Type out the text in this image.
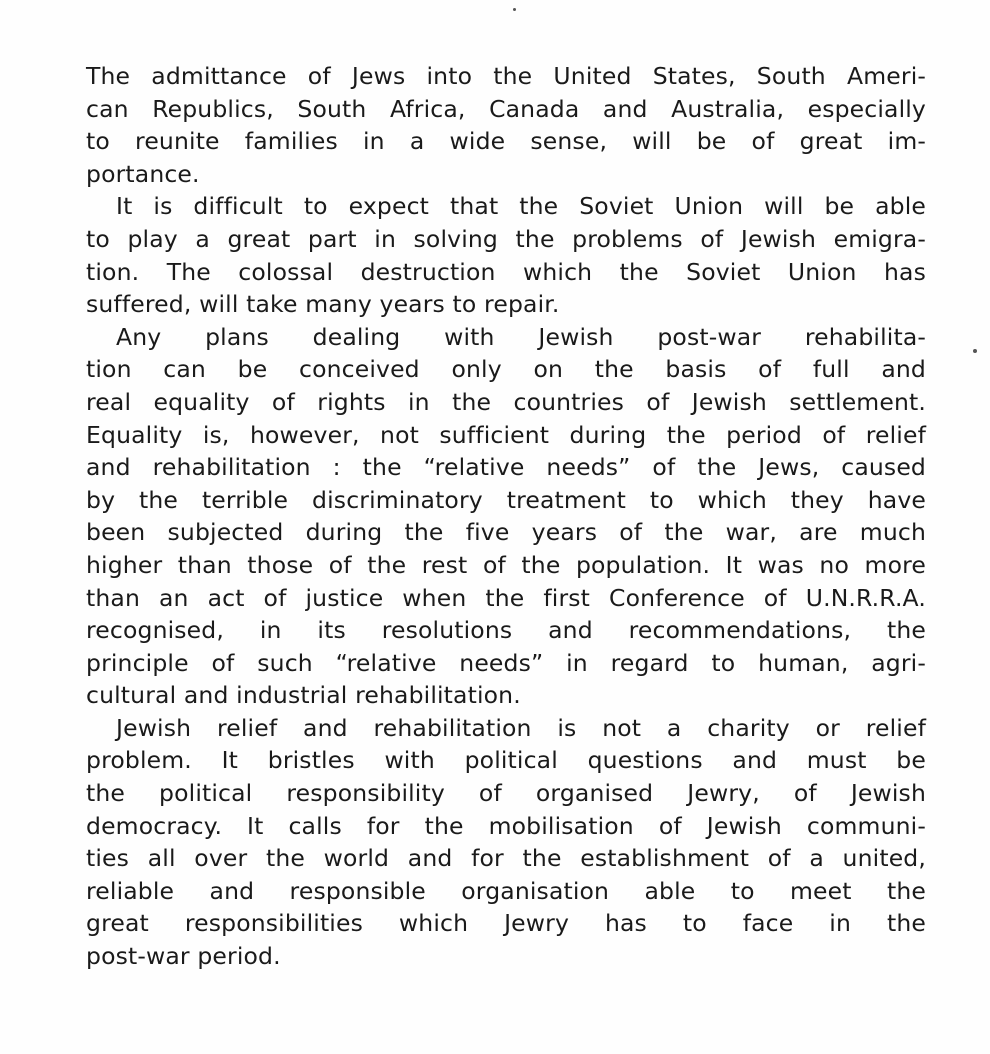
The admittance of Jews into the United States, South Ameri-
can Republics, South Africa, Canada and Australia, especially
to reunite families in a wide sense, will be of great im-
portance.
It is difficult to expect that the Soviet Union will be able
to play a great part in solving the problems of Jewish emigra-
tion. The colossal destruction which the Soviet Union has
suffered, will take many years to repair.
Any plans dealing with Jewish post-war rehabilita-
tion can be conceived only on the basis of full and
real equality of rights in the countries of Jewish settlement.
Equality is, however, not sufficient during the period of relief
and rehabilitation : the “relative needs” of the Jews, caused
by the terrible discriminatory treatment to which they have
been subjected during the five years of the war, are much
higher than those of the rest of the population. It was no more
than an act of justice when the first Conference of U.N.R.R.A.
recognised, in its resolutions and recommendations, the
principle of such “relative needs” in regard to human, agri-
cultural and industrial rehabilitation.
Jewish relief and rehabilitation is not a charity or relief
problem. It bristles with political questions and must be
the political responsibility of organised Jewry, of Jewish
democracy. It calls for the mobilisation of Jewish communi-
ties all over the world and for the establishment of a united,
reliable and responsible organisation able to meet the
great responsibilities which Jewry has to face in the
post-war period.
